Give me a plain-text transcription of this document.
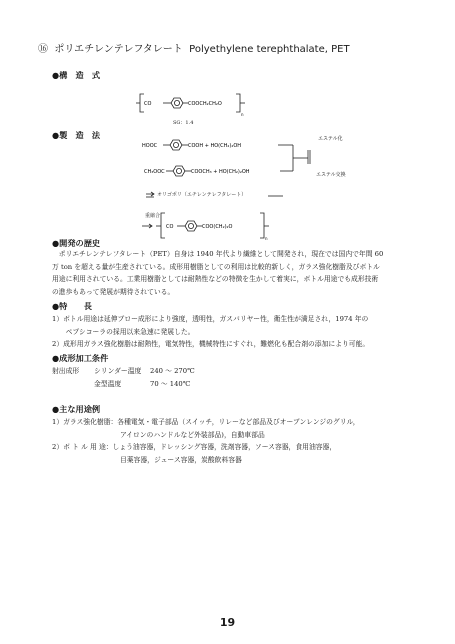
⑯ ポリエチレンテレフタレート Polyethylene terephthalate, PET
●構　造　式
CO	COOCH₂CH₂O
n
SG：1.4
●製　造　法
HOOC	COOH + HO(CH₂)₂OH
CH₃OOC	COOCH₃ + HO(CH₂)₂OH
CO	COO(CH₂)₂O
n
エステル化
エステル交換
オリゴポリ（エチレンテレフタレート）
重縮合
●開発の歴史
　ポリエチレンテレフタレート（PET）自身は 1940 年代より繊維として開発され，現在では国内で年間 60
万 ton を超える量が生産されている。成形用樹脂としての利用は比較的新しく，ガラス強化樹脂及びボトル
用途に利用されている。工業用樹脂としては耐熱性などの特徴を生かして着実に，ボトル用途でも成形技術
の進歩もあって発展が期待されている。
●特　　長
1）ボトル用途は延伸ブロー成形により強度，透明性，ガスバリヤー性，衛生性が満足され，1974 年の
　　ペプシコーラの採用以来急速に発展した。
2）成形用ガラス強化樹脂は耐熱性，電気特性，機械特性にすぐれ，難燃化も配合剤の添加により可能。
●成形加工条件
射出成形 シリンダー温度 240 ～ 270℃
金型温度	70 ～ 140℃
●主な用途例
1）ガラス強化樹脂：各種電気・電子部品（スイッチ，リレーなど部品及びオーブンレンジのグリル，
　　　　　　　　　　アイロンのハンドルなど外装部品)，自動車部品
2）ボ ト ル 用 途：しょう油容器，ドレッシング容器，洗剤容器，ソース容器，食用油容器，
　　　　　　　　　　目薬容器，ジュース容器，炭酸飲料容器
19
